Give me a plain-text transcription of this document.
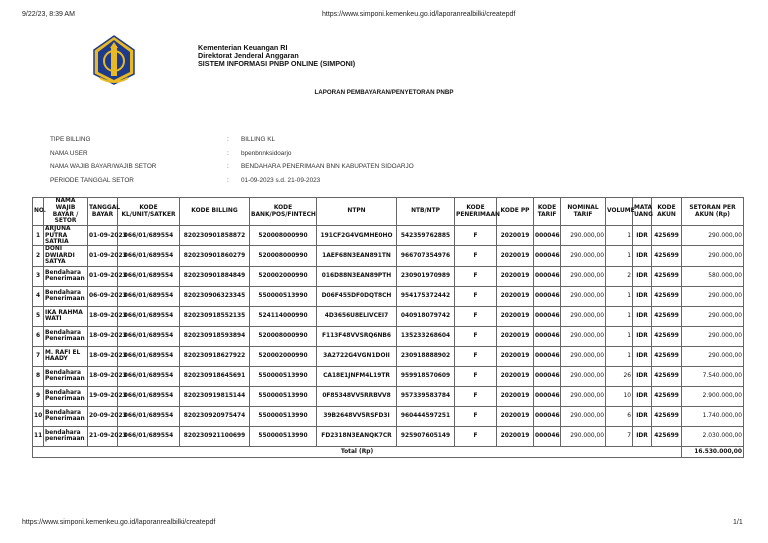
9/22/23, 8:39 AM	https://www.simponi.kemenkeu.go.id/laporanrealbilki/createpdf
Kementerian Keuangan RI
Direktorat Jenderal Anggaran
SISTEM INFORMASI PNBP ONLINE (SIMPONI)
LAPORAN PEMBAYARAN/PENYETORAN PNBP
TIPE BILLING	: BILLING KL
NAMA USER	: bpenbnnksidoarjo
NAMA WAJIB BAYAR/WAJIB SETOR	: BENDAHARA PENERIMAAN BNN KABUPATEN SIDOARJO
PERIODE TANGGAL SETOR	: 01-09-2023 s.d. 21-09-2023
NO.	NAMA WAJIB BAYAR / SETOR	TANGGAL BAYAR	KODE KL/UNIT/SATKER	KODE BILLING	KODE BANK/POS/FINTECH	NTPN	NTB/NTP	KODE PENERIMAAN	KODE PP	KODE TARIF	NOMINAL TARIF	VOLUME	MATA UANG	KODE AKUN	SETORAN PER AKUN (Rp)
1	ARJUNA PUTRA SATRIA	01-09-2023	066/01/689554	820230901858872	520008000990	191CF2G4VGMHE0HO	542359762885	F	2020019	000046	290.000,00	1	IDR	425699	290.000,00
2	DONI DWIARDI SATYA	01-09-2023	066/01/689554	820230901860279	520008000990	1AEF68N3EAN891TN	966707354976	F	2020019	000046	290.000,00	1	IDR	425699	290.000,00
3	Bendahara Penerimaan	01-09-2023	066/01/689554	820230901884849	520002000990	016D88N3EAN89PTH	230901970989	F	2020019	000046	290.000,00	2	IDR	425699	580.000,00
4	Bendahara Penerimaan	06-09-2023	066/01/689554	820230906323345	550000513990	D06F455DF0DQT8CH	954175372442	F	2020019	000046	290.000,00	1	IDR	425699	290.000,00
5	IKA RAHMA WATI	18-09-2023	066/01/689554	820230918552135	524114000990	4D3656U8ELIVCEI7	040918079742	F	2020019	000046	290.000,00	1	IDR	425699	290.000,00
6	Bendahara Penerimaan	18-09-2023	066/01/689554	820230918593894	520008000990	F113F48VVSRQ6NB6	135233268604	F	2020019	000046	290.000,00	1	IDR	425699	290.000,00
7	M. RAFI EL HAADY	18-09-2023	066/01/689554	820230918627922	520002000990	3A2722G4VGN1DOII	230918888902	F	2020019	000046	290.000,00	1	IDR	425699	290.000,00
8	Bendahara Penerimaan	18-09-2023	066/01/689554	820230918645691	550000513990	CA18E1JNFM4L19TR	959918570609	F	2020019	000046	290.000,00	26	IDR	425699	7.540.000,00
9	Bendahara Penerimaan	19-09-2023	066/01/689554	820230919815144	550000513990	0F85348VV5RRBVV8	957339583784	F	2020019	000046	290.000,00	10	IDR	425699	2.900.000,00
10	Bendahara Penerimaan	20-09-2023	066/01/689554	820230920975474	550000513990	39B2648VV5RSFD3I	960444597251	F	2020019	000046	290.000,00	6	IDR	425699	1.740.000,00
11	bendahara penerimaan	21-09-2023	066/01/689554	820230921100699	550000513990	FD2318N3EANQK7CR	925907605149	F	2020019	000046	290.000,00	7	IDR	425699	2.030.000,00
Total (Rp)															16.530.000,00
https://www.simponi.kemenkeu.go.id/laporanrealbilki/createpdf	1/1
